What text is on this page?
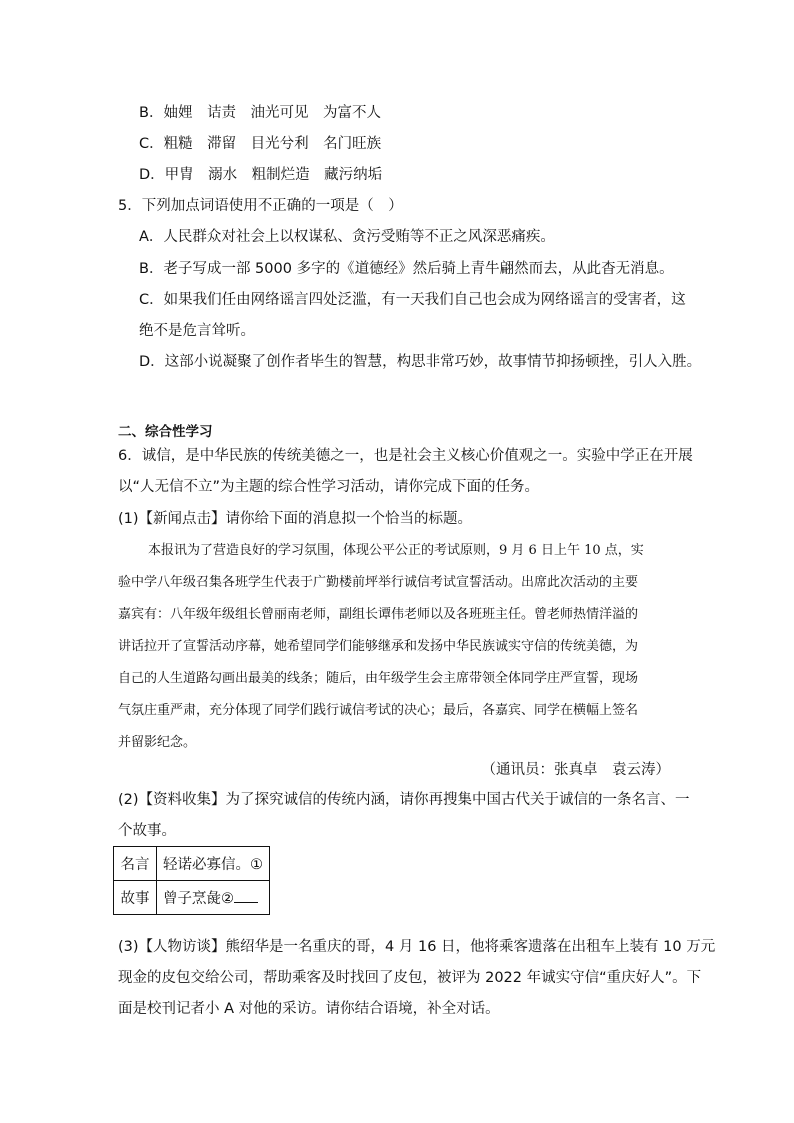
B．妯娌　诘责　油光可见　为富不人
C．粗糙　滞留　目光兮利　名门旺族
D．甲胄　溺水　粗制烂造　藏污纳垢
5．下列加点词语使用不正确的一项是（　）
A．人民群众对社会上以权谋私、贪污受贿等不正之风深恶痛疾。
B．老子写成一部 5000 多字的《道德经》然后骑上青牛翩然而去，从此杳无消息。
C．如果我们任由网络谣言四处泛滥，有一天我们自己也会成为网络谣言的受害者，这
绝不是危言耸听。
D．这部小说凝聚了创作者毕生的智慧，构思非常巧妙，故事情节抑扬顿挫，引人入胜。
二、综合性学习
6．诚信，是中华民族的传统美德之一，也是社会主义核心价值观之一。实验中学正在开展
以“人无信不立”为主题的综合性学习活动，请你完成下面的任务。
(1)【新闻点击】请你给下面的消息拟一个恰当的标题。
本报讯为了营造良好的学习氛围，体现公平公正的考试原则，9 月 6 日上午 10 点，实
验中学八年级召集各班学生代表于广勤楼前坪举行诚信考试宣誓活动。出席此次活动的主要
嘉宾有：八年级年级组长曾丽南老师，副组长谭伟老师以及各班班主任。曾老师热情洋溢的
讲话拉开了宣誓活动序幕，她希望同学们能够继承和发扬中华民族诚实守信的传统美德，为
自己的人生道路勾画出最美的线条；随后，由年级学生会主席带领全体同学庄严宣誓，现场
气氛庄重严肃，充分体现了同学们践行诚信考试的决心；最后，各嘉宾、同学在横幅上签名
并留影纪念。
（通讯员：张真卓　袁云涛）
(2)【资料收集】为了探究诚信的传统内涵，请你再搜集中国古代关于诚信的一条名言、一
个故事。
名言	轻诺必寡信。①
故事	曾子烹彘②
(3)【人物访谈】熊绍华是一名重庆的哥，4 月 16 日，他将乘客遗落在出租车上装有 10 万元
现金的皮包交给公司，帮助乘客及时找回了皮包，被评为 2022 年诚实守信“重庆好人”。下
面是校刊记者小 A 对他的采访。请你结合语境，补全对话。
